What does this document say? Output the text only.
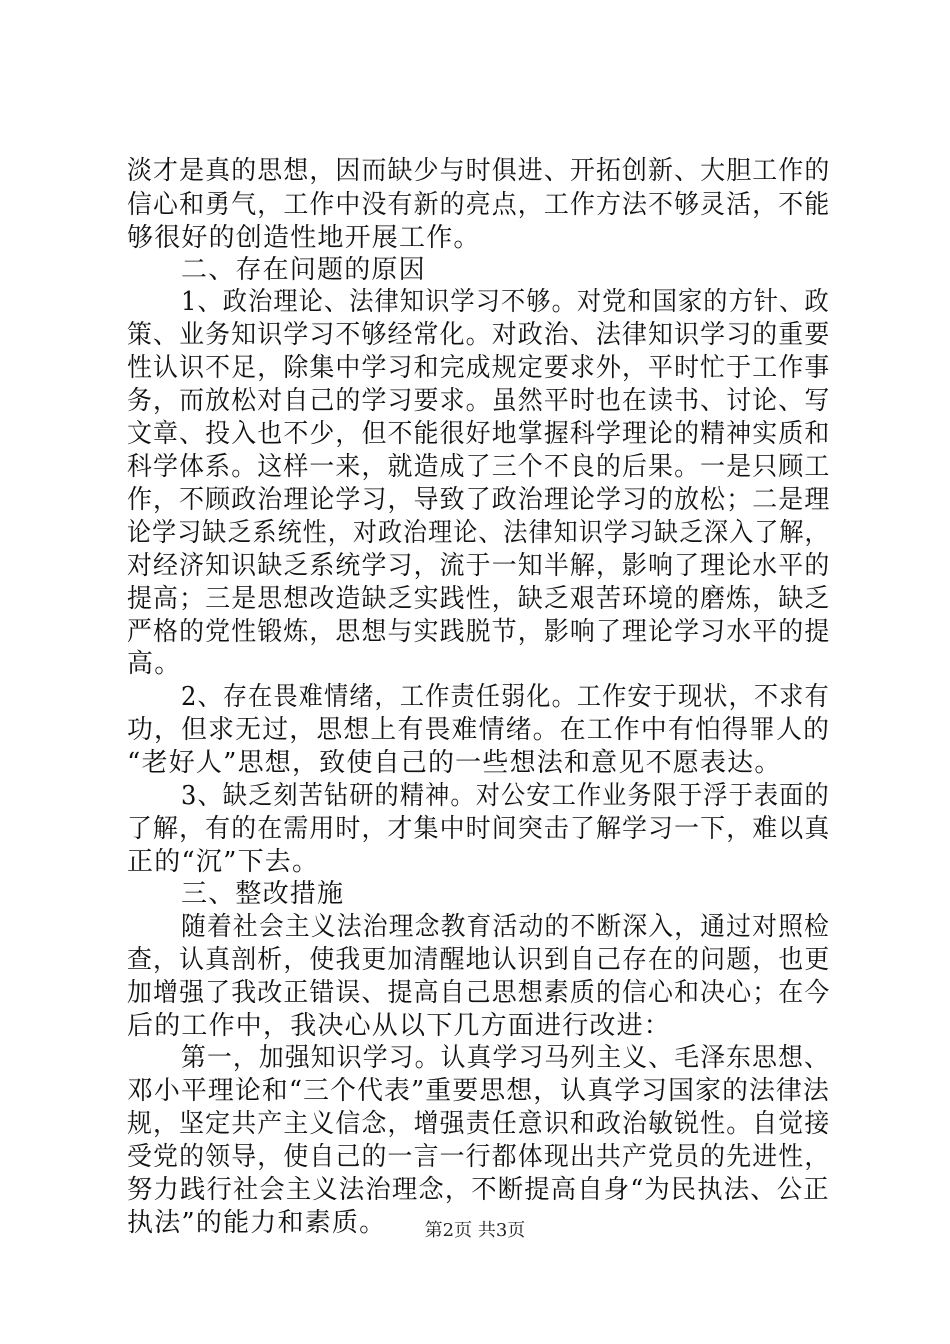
淡才是真的思想，因而缺少与时俱进、开拓创新、大胆工作的
信心和勇气，工作中没有新的亮点，工作方法不够灵活，不能
够很好的创造性地开展工作。
二、存在问题的原因
1、政治理论、法律知识学习不够。对党和国家的方针、政
策、业务知识学习不够经常化。对政治、法律知识学习的重要
性认识不足，除集中学习和完成规定要求外，平时忙于工作事
务，而放松对自己的学习要求。虽然平时也在读书、讨论、写
文章、投入也不少，但不能很好地掌握科学理论的精神实质和
科学体系。这样一来，就造成了三个不良的后果。一是只顾工
作，不顾政治理论学习，导致了政治理论学习的放松；二是理
论学习缺乏系统性，对政治理论、法律知识学习缺乏深入了解，
对经济知识缺乏系统学习，流于一知半解，影响了理论水平的
提高；三是思想改造缺乏实践性，缺乏艰苦环境的磨炼，缺乏
严格的党性锻炼，思想与实践脱节，影响了理论学习水平的提
高。
2、存在畏难情绪，工作责任弱化。工作安于现状，不求有
功，但求无过，思想上有畏难情绪。在工作中有怕得罪人的
“老好人”思想，致使自己的一些想法和意见不愿表达。
3、缺乏刻苦钻研的精神。对公安工作业务限于浮于表面的
了解，有的在需用时，才集中时间突击了解学习一下，难以真
正的“沉”下去。
三、整改措施
随着社会主义法治理念教育活动的不断深入，通过对照检
查，认真剖析，使我更加清醒地认识到自己存在的问题，也更
加增强了我改正错误、提高自己思想素质的信心和决心；在今
后的工作中，我决心从以下几方面进行改进：
第一，加强知识学习。认真学习马列主义、毛泽东思想、
邓小平理论和“三个代表”重要思想，认真学习国家的法律法
规，坚定共产主义信念，增强责任意识和政治敏锐性。自觉接
受党的领导，使自己的一言一行都体现出共产党员的先进性，
努力践行社会主义法治理念，不断提高自身“为民执法、公正
执法”的能力和素质。	第2页 共3页
